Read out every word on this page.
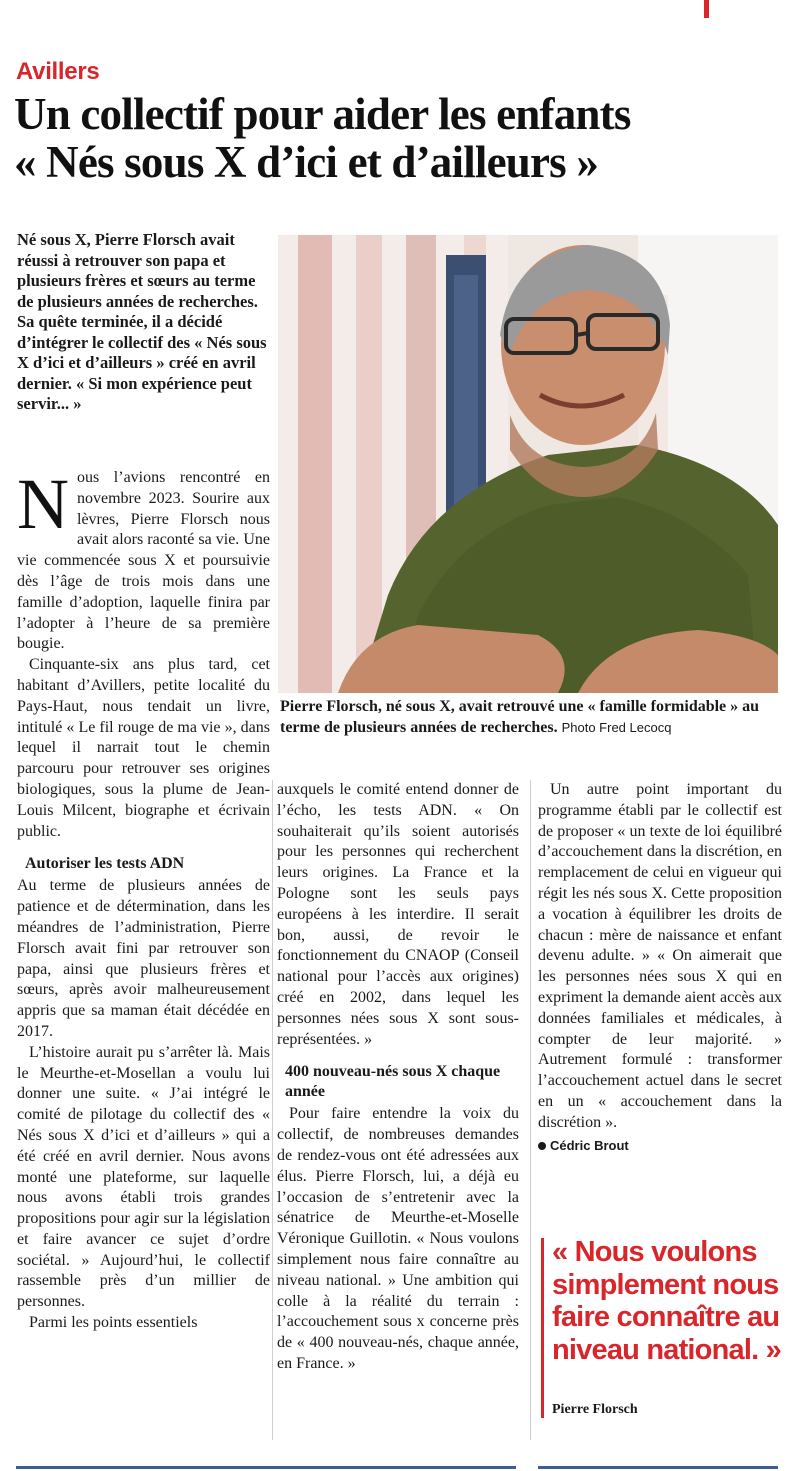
Avillers
Un collectif pour aider les enfants
« Nés sous X d’ici et d’ailleurs »

Né sous X, Pierre Florsch avait réussi à retrouver son papa et plusieurs frères et sœurs au terme de plusieurs années de recherches. Sa quête terminée, il a décidé d’intégrer le collectif des « Nés sous X d’ici et d’ailleurs » créé en avril dernier. « Si mon expérience peut servir... »

Pierre Florsch, né sous X, avait retrouvé une « famille formidable » au terme de plusieurs années de recherches. Photo Fred Lecocq

N ous l’avions rencontré en novembre 2023. Sourire aux lèvres, Pierre Florsch nous avait alors raconté sa vie. Une vie commencée sous X et poursuivie dès l’âge de trois mois dans une famille d’adoption, laquelle finira par l’adopter à l’heure de sa première bougie.

Cinquante-six ans plus tard, cet habitant d’Avillers, petite localité du Pays-Haut, nous tendait un livre, intitulé « Le fil rouge de ma vie », dans lequel il narrait tout le chemin parcouru pour retrouver ses origines biologiques, sous la plume de Jean-Louis Milcent, biographe et écrivain public.

Autoriser les tests ADN

Au terme de plusieurs années de patience et de détermination, dans les méandres de l’administration, Pierre Florsch avait fini par retrouver son papa, ainsi que plusieurs frères et sœurs, après avoir malheureusement appris que sa maman était décédée en 2017.

L’histoire aurait pu s’arrêter là. Mais le Meurthe-et-Mosellan a voulu lui donner une suite. « J’ai intégré le comité de pilotage du collectif des « Nés sous X d’ici et d’ailleurs » qui a été créé en avril dernier. Nous avons monté une plateforme, sur laquelle nous avons établi trois grandes propositions pour agir sur la législation et faire avancer ce sujet d’ordre sociétal. » Aujourd’hui, le collectif rassemble près d’un millier de personnes.

Parmi les points essentiels

auxquels le comité entend donner de l’écho, les tests ADN. « On souhaiterait qu’ils soient autorisés pour les personnes qui recherchent leurs origines. La France et la Pologne sont les seuls pays européens à les interdire. Il serait bon, aussi, de revoir le fonctionnement du CNAOP (Conseil national pour l’accès aux origines) créé en 2002, dans lequel les personnes nées sous X sont sous-représentées. »

400 nouveau-nés sous X chaque année

Pour faire entendre la voix du collectif, de nombreuses demandes de rendez-vous ont été adressées aux élus. Pierre Florsch, lui, a déjà eu l’occasion de s’entretenir avec la sénatrice de Meurthe-et-Moselle Véronique Guillotin. « Nous voulons simplement nous faire connaître au niveau national. » Une ambition qui colle à la réalité du terrain : l’accouchement sous x concerne près de « 400 nouveau-nés, chaque année, en France. »

Un autre point important du programme établi par le collectif est de proposer « un texte de loi équilibré d’accouchement dans la discrétion, en remplacement de celui en vigueur qui régit les nés sous X. Cette proposition a vocation à équilibrer les droits de chacun : mère de naissance et enfant devenu adulte. » « On aimerait que les personnes nées sous X qui en expriment la demande aient accès aux données familiales et médicales, à compter de leur majorité. » Autrement formulé : transformer l’accouchement actuel dans le secret en un « accouchement dans la discrétion ».

Cédric Brout

« Nous voulons simplement nous faire connaître au niveau national. »
Pierre Florsch
